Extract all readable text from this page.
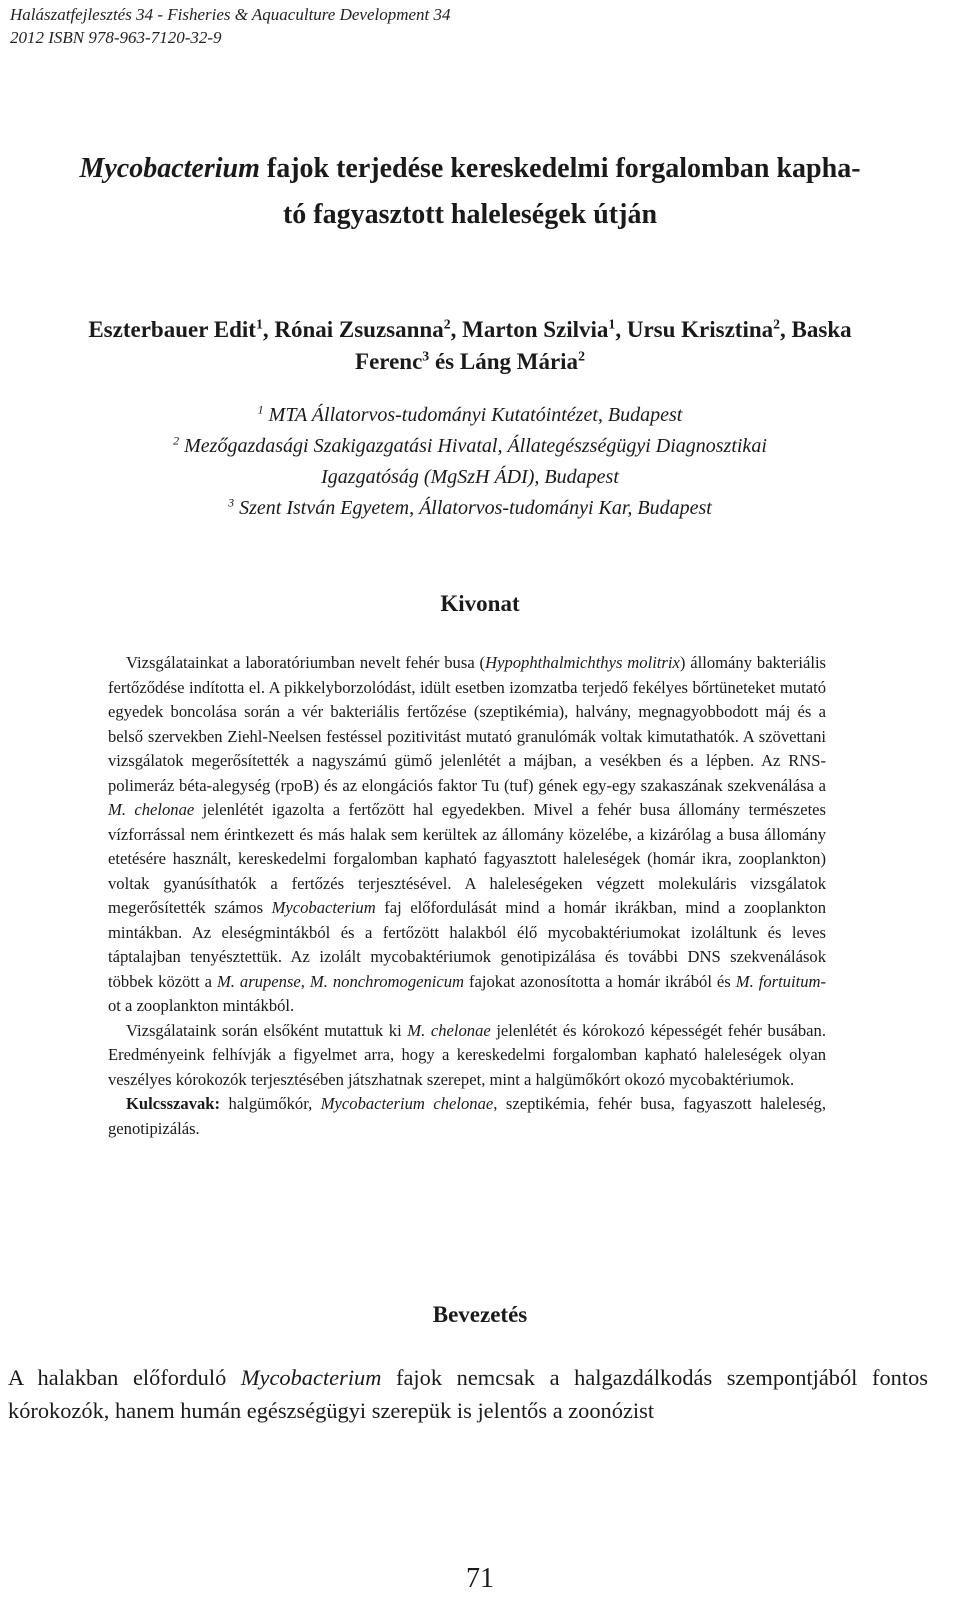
Halászatfejlesztés 34 - Fisheries & Aquaculture Development 34
2012 ISBN 978-963-7120-32-9
Mycobacterium fajok terjedése kereskedelmi forgalomban kapha-
tó fagyasztott haleleségek útján
Eszterbauer Edit$^1$, Rónai Zsuzsanna$^2$, Marton Szilvia$^1$, Ursu Krisztina$^2$, Baska
Ferenc$^3$ és Láng Mária$^2$
$^1$ MTA Állatorvos-tudományi Kutatóintézet, Budapest
$^2$ Mezőgazdasági Szakigazgatási Hivatal, Állategészségügyi Diagnosztikai
Igazgatóság (MgSzH ÁDI), Budapest
$^3$ Szent István Egyetem, Állatorvos-tudományi Kar, Budapest
Kivonat

Vizsgálatainkat a laboratóriumban nevelt fehér busa (Hypophthalmichthys molitrix) állomány bakteriális fertőződése indította el. A pikkelyborzolódást, idült esetben izomzatba terjedő fekélyes bőrtüneteket mutató egyedek boncolása során a vér bakteriális fertőzése (szeptikémia), halvány, megnagyobbodott máj és a belső szervekben Ziehl-Neelsen festéssel pozitivitást mutató granulómák voltak kimutathatók. A szövettani vizsgálatok megerősítették a nagyszámú gümő jelenlétét a májban, a vesékben és a lépben. Az RNS-polimeráz béta-alegység (rpoB) és az elongációs faktor Tu (tuf) gének egy-egy szakaszának szekvenálása a M. chelonae jelenlétét igazolta a fertőzött hal egyedekben. Mivel a fehér busa állomány természetes vízforrással nem érintkezett és más halak sem kerültek az állomány közelébe, a kizárólag a busa állomány etetésére használt, kereskedelmi forgalomban kapható fagyasztott haleleségek (homár ikra, zooplankton) voltak gyanúsíthatók a fertőzés terjesztésével. A haleleségeken végzett molekuláris vizsgálatok megerősítették számos Mycobacterium faj előfordulását mind a homár ikrákban, mind a zooplankton mintákban. Az eleségmintákból és a fertőzött halakból élő mycobaktériumokat izoláltunk és leves táptalajban tenyésztettük. Az izolált mycobaktériumok genotipizálása és további DNS szekvenálások többek között a M. arupense, M. nonchromogenicum fajokat azonosította a homár ikrából és M. fortuitum-ot a zooplankton mintákból.

Vizsgálataink során elsőként mutattuk ki M. chelonae jelenlétét és kórokozó képességét fehér busában. Eredményeink felhívják a figyelmet arra, hogy a kereskedelmi forgalomban kapható haleleségek olyan veszélyes kórokozók terjesztésében játszhatnak szerepet, mint a halgümőkórt okozó mycobaktériumok.

Kulcsszavak: halgümőkór, Mycobacterium chelonae, szeptikémia, fehér busa, fagyaszott haleleség, genotipizálás.

Bevezetés

A halakban előforduló Mycobacterium fajok nemcsak a halgazdálkodás szempontjából fontos kórokozók, hanem humán egészségügyi szerepük is jelentős a zoonózist

71
